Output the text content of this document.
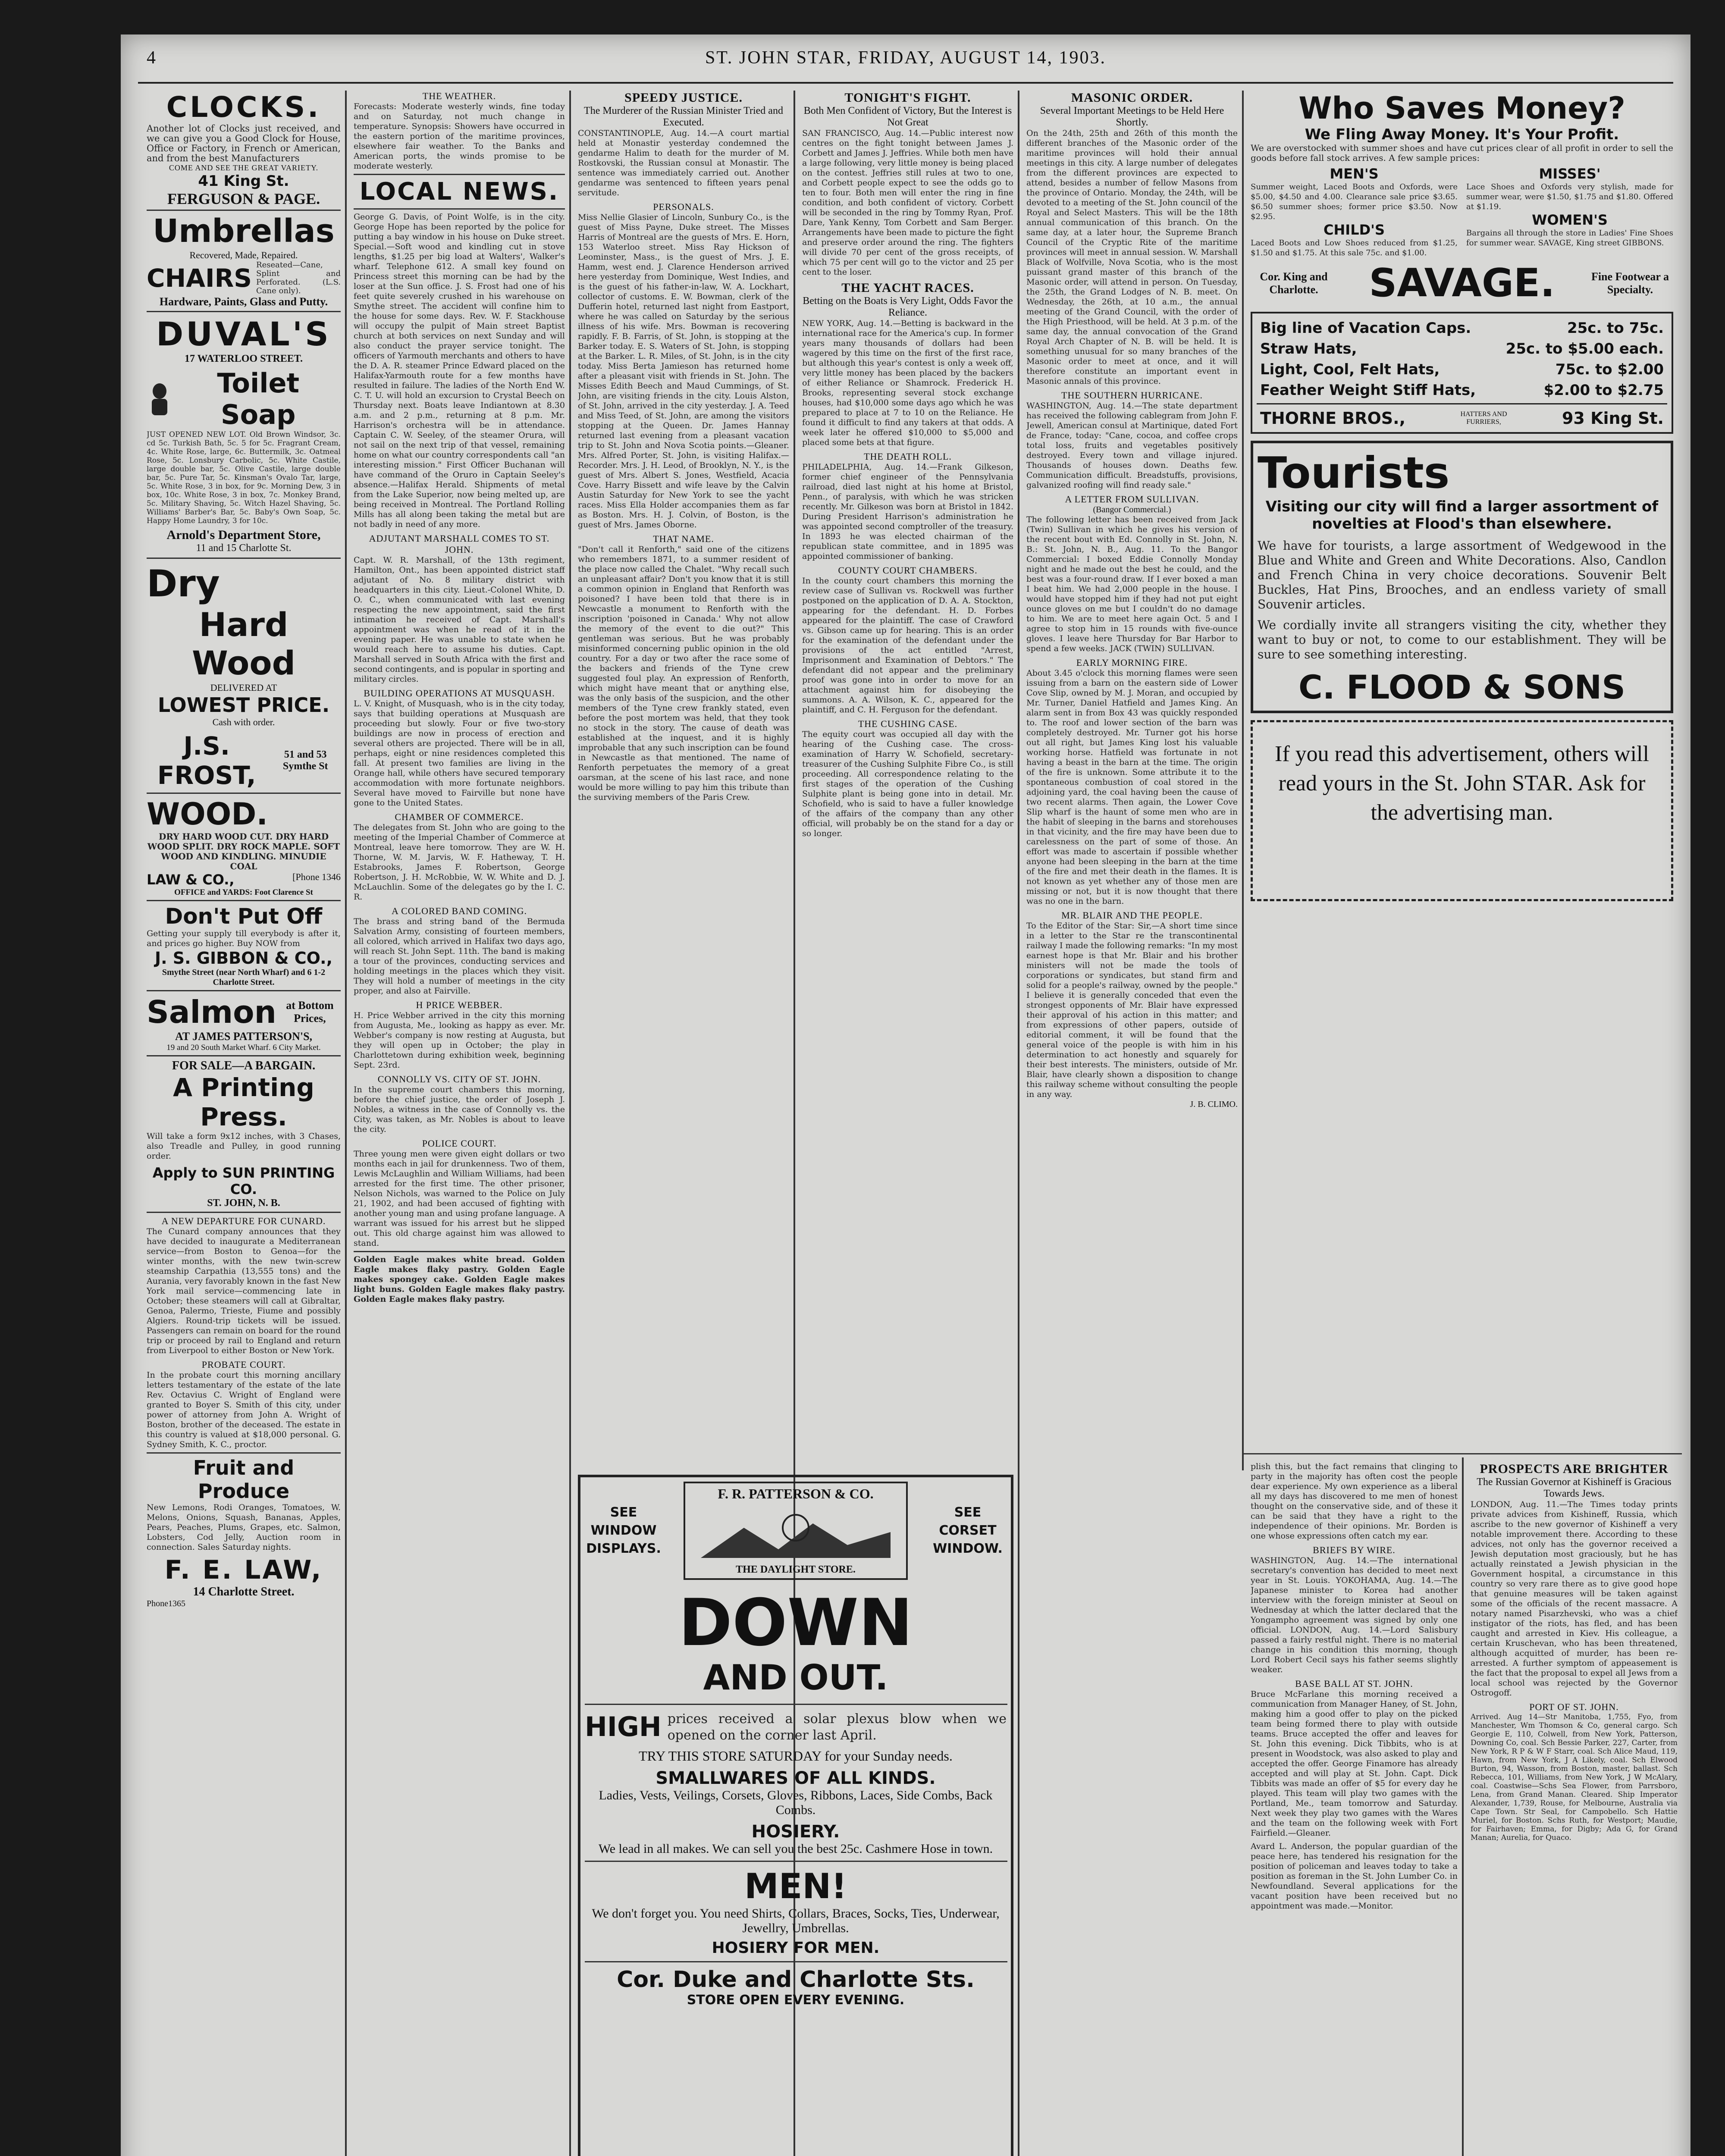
4	ST. JOHN STAR, FRIDAY, AUGUST 14, 1903.
CLOCKS.

Another lot of Clocks just received, and we can give you a Good Clock for House, Office or Factory, in French or American, and from the best Manufacturers

COME AND SEE THE GREAT VARIETY.
41 King St.
FERGUSON & PAGE.
Umbrellas
Recovered, Made, Repaired.
CHAIRS Reseated—Cane, Splint and Perforated. (L.S. Cane only).
Hardware, Paints, Glass and Putty.
DUVAL'S
17 WATERLOO STREET.
Toilet Soap

JUST OPENED NEW LOT. Old Brown Windsor, 3c. cd 5c. Turkish Bath, 5c. 5 for 5c. Fragrant Cream, 4c. White Rose, large, 6c. Buttermilk, 3c. Oatmeal Rose, 5c. Lonsbury Carbolic, 5c. White Castile, large double bar, 5c. Olive Castile, large double bar, 5c. Pure Tar, 5c. Kinsman's Ovalo Tar, large, 5c. White Rose, 3 in box, for 9c. Morning Dew, 3 in box, 10c. White Rose, 3 in box, 7c. Monkey Brand, 5c. Military Shaving, 5c. Witch Hazel Shaving, 5c. Williams' Barber's Bar, 5c. Baby's Own Soap, 5c. Happy Home Laundry, 3 for 10c.

Arnold's Department Store,
11 and 15 Charlotte St.
Dry
Hard Wood
DELIVERED AT
LOWEST PRICE.
Cash with order.
J.S. FROST,
51 and 53 Symthe St
WOOD.

DRY HARD WOOD CUT. DRY HARD WOOD SPLIT. DRY ROCK MAPLE. SOFT WOOD AND KINDLING. MINUDIE COAL

LAW & CO.,	[Phone 1346
OFFICE and YARDS: Foot Clarence St
Don't Put Off

Getting your supply till everybody is after it, and prices go higher. Buy NOW from

J. S. GIBBON & CO.,
Smythe Street (near North Wharf) and 6 1-2 Charlotte Street.
Salmon at Bottom Prices,
AT JAMES PATTERSON'S,
19 and 20 South Market Wharf. 6 City Market.
FOR SALE—A BARGAIN.
A Printing Press.

Will take a form 9x12 inches, with 3 Chases, also Treadle and Pulley, in good running order.

Apply to SUN PRINTING CO.
ST. JOHN, N. B.
A NEW DEPARTURE FOR CUNARD.

The Cunard company announces that they have decided to inaugurate a Mediterranean service—from Boston to Genoa—for the winter months, with the new twin-screw steamship Carpathia (13,555 tons) and the Aurania, very favorably known in the fast New York mail service—commencing late in October; these steamers will call at Gibraltar, Genoa, Palermo, Trieste, Fiume and possibly Algiers. Round-trip tickets will be issued. Passengers can remain on board for the round trip or proceed by rail to England and return from Liverpool to either Boston or New York.

PROBATE COURT.

In the probate court this morning ancillary letters testamentary of the estate of the late Rev. Octavius C. Wright of England were granted to Boyer S. Smith of this city, under power of attorney from John A. Wright of Boston, brother of the deceased. The estate in this country is valued at $18,000 personal. G. Sydney Smith, K. C., proctor.

Fruit and Produce

New Lemons, Rodi Oranges, Tomatoes, W. Melons, Onions, Squash, Bananas, Apples, Pears, Peaches, Plums, Grapes, etc. Salmon, Lobsters, Cod Jelly, Auction room in connection. Sales Saturday nights.

F. E. LAW,
14 Charlotte Street.
Phone1365
THE WEATHER.

Forecasts: Moderate westerly winds, fine today and on Saturday, not much change in temperature. Synopsis: Showers have occurred in the eastern portion of the maritime provinces, elsewhere fair weather. To the Banks and American ports, the winds promise to be moderate westerly.

LOCAL NEWS.

George G. Davis, of Point Wolfe, is in the city. George Hope has been reported by the police for putting a bay window in his house on Duke street. Special.—Soft wood and kindling cut in stove lengths, $1.25 per big load at Walters', Walker's wharf. Telephone 612. A small key found on Princess street this morning can be had by the loser at the Sun office. J. S. Frost had one of his feet quite severely crushed in his warehouse on Smythe street. The accident will confine him to the house for some days. Rev. W. F. Stackhouse will occupy the pulpit of Main street Baptist church at both services on next Sunday and will also conduct the prayer service tonight. The officers of Yarmouth merchants and others to have the D. A. R. steamer Prince Edward placed on the Halifax-Yarmouth route for a few months have resulted in failure. The ladies of the North End W. C. T. U. will hold an excursion to Crystal Beech on Thursday next. Boats leave Indiantown at 8.30 a.m. and 2 p.m., returning at 8 p.m. Mr. Harrison's orchestra will be in attendance. Captain C. W. Seeley, of the steamer Orura, will not sail on the next trip of that vessel, remaining home on what our country correspondents call "an interesting mission." First Officer Buchanan will have command of the Oruro in Captain Seeley's absence.—Halifax Herald. Shipments of metal from the Lake Superior, now being melted up, are being received in Montreal. The Portland Rolling Mills has all along been taking the metal but are not badly in need of any more.

ADJUTANT MARSHALL COMES TO ST. JOHN.

Capt. W. R. Marshall, of the 13th regiment, Hamilton, Ont., has been appointed district staff adjutant of No. 8 military district with headquarters in this city. Lieut.-Colonel White, D. O. C., when communicated with last evening respecting the new appointment, said the first intimation he received of Capt. Marshall's appointment was when he read of it in the evening paper. He was unable to state when he would reach here to assume his duties. Capt. Marshall served in South Africa with the first and second contingents, and is popular in sporting and military circles.

BUILDING OPERATIONS AT MUSQUASH.

L. V. Knight, of Musquash, who is in the city today, says that building operations at Musquash are proceeding but slowly. Four or five two-story buildings are now in process of erection and several others are projected. There will be in all, perhaps, eight or nine residences completed this fall. At present two families are living in the Orange hall, while others have secured temporary accommodation with more fortunate neighbors. Several have moved to Fairville but none have gone to the United States.

CHAMBER OF COMMERCE.

The delegates from St. John who are going to the meeting of the Imperial Chamber of Commerce at Montreal, leave here tomorrow. They are W. H. Thorne, W. M. Jarvis, W. F. Hatheway, T. H. Estabrooks, James F. Robertson, George Robertson, J. H. McRobbie, W. W. White and D. J. McLauchlin. Some of the delegates go by the I. C. R.

A COLORED BAND COMING.

The brass and string band of the Bermuda Salvation Army, consisting of fourteen members, all colored, which arrived in Halifax two days ago, will reach St. John Sept. 11th. The band is making a tour of the provinces, conducting services and holding meetings in the places which they visit. They will hold a number of meetings in the city proper, and also at Fairville.

H PRICE WEBBER.

H. Price Webber arrived in the city this morning from Augusta, Me., looking as happy as ever. Mr. Webber's company is now resting at Augusta, but they will open up in October; the play in Charlottetown during exhibition week, beginning Sept. 23rd.

CONNOLLY VS. CITY OF ST. JOHN.

In the supreme court chambers this morning, before the chief justice, the order of Joseph J. Nobles, a witness in the case of Connolly vs. the City, was taken, as Mr. Nobles is about to leave the city.

POLICE COURT.

Three young men were given eight dollars or two months each in jail for drunkenness. Two of them, Lewis McLaughlin and William Williams, had been arrested for the first time. The other prisoner, Nelson Nichols, was warned to the Police on July 21, 1902, and had been accused of fighting with another young man and using profane language. A warrant was issued for his arrest but he slipped out. This old charge against him was allowed to stand.

Golden Eagle makes white bread. Golden Eagle makes flaky pastry. Golden Eagle makes spongey cake. Golden Eagle makes light buns. Golden Eagle makes flaky pastry. Golden Eagle makes flaky pastry.

SPEEDY JUSTICE.
The Murderer of the Russian Minister Tried and Executed.

CONSTANTINOPLE, Aug. 14.—A court martial held at Monastir yesterday condemned the gendarme Halim to death for the murder of M. Rostkovski, the Russian consul at Monastir. The sentence was immediately carried out. Another gendarme was sentenced to fifteen years penal servitude.

PERSONALS.

Miss Nellie Glasier of Lincoln, Sunbury Co., is the guest of Miss Payne, Duke street. The Misses Harris of Montreal are the guests of Mrs. E. Horn, 153 Waterloo street. Miss Ray Hickson of Leominster, Mass., is the guest of Mrs. J. E. Hamm, west end. J. Clarence Henderson arrived here yesterday from Dominique, West Indies, and is the guest of his father-in-law, W. A. Lockhart, collector of customs. E. W. Bowman, clerk of the Dufferin hotel, returned last night from Eastport, where he was called on Saturday by the serious illness of his wife. Mrs. Bowman is recovering rapidly. F. B. Farris, of St. John, is stopping at the Barker today. E. S. Waters of St. John, is stopping at the Barker. L. R. Miles, of St. John, is in the city today. Miss Berta Jamieson has returned home after a pleasant visit with friends in St. John. The Misses Edith Beech and Maud Cummings, of St. John, are visiting friends in the city. Louis Alston, of St. John, arrived in the city yesterday. J. A. Teed and Miss Teed, of St. John, are among the visitors stopping at the Queen. Dr. James Hannay returned last evening from a pleasant vacation trip to St. John and Nova Scotia points.—Gleaner. Mrs. Alfred Porter, St. John, is visiting Halifax.—Recorder. Mrs. J. H. Leod, of Brooklyn, N. Y., is the guest of Mrs. Albert S. Jones, Westfield, Acacia Cove. Harry Bissett and wife leave by the Calvin Austin Saturday for New York to see the yacht races. Miss Ella Holder accompanies them as far as Boston. Mrs. H. J. Colvin, of Boston, is the guest of Mrs. James Oborne.

THAT NAME.

"Don't call it Renforth," said one of the citizens who remembers 1871, to a summer resident of the place now called the Chalet. "Why recall such an unpleasant affair? Don't you know that it is still a common opinion in England that Renforth was poisoned? I have been told that there is in Newcastle a monument to Renforth with the inscription 'poisoned in Canada.' Why not allow the memory of the event to die out?" This gentleman was serious. But he was probably misinformed concerning public opinion in the old country. For a day or two after the race some of the backers and friends of the Tyne crew suggested foul play. An expression of Renforth, which might have meant that or anything else, was the only basis of the suspicion, and the other members of the Tyne crew frankly stated, even before the post mortem was held, that they took no stock in the story. The cause of death was established at the inquest, and it is highly improbable that any such inscription can be found in Newcastle as that mentioned. The name of Renforth perpetuates the memory of a great oarsman, at the scene of his last race, and none would be more willing to pay him this tribute than the surviving members of the Paris Crew.

TONIGHT'S FIGHT.
Both Men Confident of Victory, But the Interest is Not Great

SAN FRANCISCO, Aug. 14.—Public interest now centres on the fight tonight between James J. Corbett and James J. Jeffries. While both men have a large following, very little money is being placed on the contest. Jeffries still rules at two to one, and Corbett people expect to see the odds go to ten to four. Both men will enter the ring in fine condition, and both confident of victory. Corbett will be seconded in the ring by Tommy Ryan, Prof. Dare, Yank Kenny, Tom Corbett and Sam Berger. Arrangements have been made to picture the fight and preserve order around the ring. The fighters will divide 70 per cent of the gross receipts, of which 75 per cent will go to the victor and 25 per cent to the loser.

THE YACHT RACES.
Betting on the Boats is Very Light, Odds Favor the Reliance.

NEW YORK, Aug. 14.—Betting is backward in the international race for the America's cup. In former years many thousands of dollars had been wagered by this time on the first of the first race, but although this year's contest is only a week off, very little money has been placed by the backers of either Reliance or Shamrock. Frederick H. Brooks, representing several stock exchange houses, had $10,000 some days ago which he was prepared to place at 7 to 10 on the Reliance. He found it difficult to find any takers at that odds. A week later he offered $10,000 to $5,000 and placed some bets at that figure.

THE DEATH ROLL.

PHILADELPHIA, Aug. 14.—Frank Gilkeson, former chief engineer of the Pennsylvania railroad, died last night at his home at Bristol, Penn., of paralysis, with which he was stricken recently. Mr. Gilkeson was born at Bristol in 1842. During President Harrison's administration he was appointed second comptroller of the treasury. In 1893 he was elected chairman of the republican state committee, and in 1895 was appointed commissioner of banking.

COUNTY COURT CHAMBERS.

In the county court chambers this morning the review case of Sullivan vs. Rockwell was further postponed on the application of D. A. A. Stockton, appearing for the defendant. H. D. Forbes appeared for the plaintiff. The case of Crawford vs. Gibson came up for hearing. This is an order for the examination of the defendant under the provisions of the act entitled "Arrest, Imprisonment and Examination of Debtors." The defendant did not appear and the preliminary proof was gone into in order to move for an attachment against him for disobeying the summons. A. A. Wilson, K. C., appeared for the plaintiff, and C. H. Ferguson for the defendant.

THE CUSHING CASE.

The equity court was occupied all day with the hearing of the Cushing case. The cross-examination of Harry W. Schofield, secretary-treasurer of the Cushing Sulphite Fibre Co., is still proceeding. All correspondence relating to the first stages of the operation of the Cushing Sulphite plant is being gone into in detail. Mr. Schofield, who is said to have a fuller knowledge of the affairs of the company than any other official, will probably be on the stand for a day or so longer.

MASONIC ORDER.
Several Important Meetings to be Held Here Shortly.

On the 24th, 25th and 26th of this month the different branches of the Masonic order of the maritime provinces will hold their annual meetings in this city. A large number of delegates from the different provinces are expected to attend, besides a number of fellow Masons from the province of Ontario. Monday, the 24th, will be devoted to a meeting of the St. John council of the Royal and Select Masters. This will be the 18th annual communication of this branch. On the same day, at a later hour, the Supreme Branch Council of the Cryptic Rite of the maritime provinces will meet in annual session. W. Marshall Black of Wolfville, Nova Scotia, who is the most puissant grand master of this branch of the Masonic order, will attend in person. On Tuesday, the 25th, the Grand Lodges of N. B. meet. On Wednesday, the 26th, at 10 a.m., the annual meeting of the Grand Council, with the order of the High Priesthood, will be held. At 3 p.m. of the same day, the annual convocation of the Grand Royal Arch Chapter of N. B. will be held. It is something unusual for so many branches of the Masonic order to meet at once, and it will therefore constitute an important event in Masonic annals of this province.

THE SOUTHERN HURRICANE.

WASHINGTON, Aug. 14.—The state department has received the following cablegram from John F. Jewell, American consul at Martinique, dated Fort de France, today: "Cane, cocoa, and coffee crops total loss, fruits and vegetables positively destroyed. Every town and village injured. Thousands of houses down. Deaths few. Communication difficult. Breadstuffs, provisions, galvanized roofing will find ready sale."

A LETTER FROM SULLIVAN.
(Bangor Commercial.)

The following letter has been received from Jack (Twin) Sullivan in which he gives his version of the recent bout with Ed. Connolly in St. John, N. B.: St. John, N. B., Aug. 11. To the Bangor Commercial: I boxed Eddie Connolly Monday night and he made out the best he could, and the best was a four-round draw. If I ever boxed a man I beat him. We had 2,000 people in the house. I would have stopped him if they had not put eight ounce gloves on me but I couldn't do no damage to him. We are to meet here again Oct. 5 and I agree to stop him in 15 rounds with five-ounce gloves. I leave here Thursday for Bar Harbor to spend a few weeks. JACK (TWIN) SULLIVAN.

EARLY MORNING FIRE.

About 3.45 o'clock this morning flames were seen issuing from a barn on the eastern side of Lower Cove Slip, owned by M. J. Moran, and occupied by Mr. Turner, Daniel Hatfield and James King. An alarm sent in from Box 43 was quickly responded to. The roof and lower section of the barn was completely destroyed. Mr. Turner got his horse out all right, but James King lost his valuable working horse. Hatfield was fortunate in not having a beast in the barn at the time. The origin of the fire is unknown. Some attribute it to the spontaneous combustion of coal stored in the adjoining yard, the coal having been the cause of two recent alarms. Then again, the Lower Cove Slip wharf is the haunt of some men who are in the habit of sleeping in the barns and storehouses in that vicinity, and the fire may have been due to carelessness on the part of some of those. An effort was made to ascertain if possible whether anyone had been sleeping in the barn at the time of the fire and met their death in the flames. It is not known as yet whether any of those men are missing or not, but it is now thought that there was no one in the barn.

MR. BLAIR AND THE PEOPLE.

To the Editor of the Star: Sir,—A short time since in a letter to the Star re the transcontinental railway I made the following remarks: "In my most earnest hope is that Mr. Blair and his brother ministers will not be made the tools of corporations or syndicates, but stand firm and solid for a people's railway, owned by the people." I believe it is generally conceded that even the strongest opponents of Mr. Blair have expressed their approval of his action in this matter; and from expressions of other papers, outside of editorial comment, it will be found that the general voice of the people is with him in his determination to act honestly and squarely for their best interests. The ministers, outside of Mr. Blair, have clearly shown a disposition to change this railway scheme without consulting the people in any way.

J. B. CLIMO.
Who Saves Money?
We Fling Away Money. It's Your Profit.

We are overstocked with summer shoes and have cut prices clear of all profit in order to sell the goods before fall stock arrives. A few sample prices:

MEN'S

Summer weight, Laced Boots and Oxfords, were $5.00, $4.50 and 4.00. Clearance sale price $3.65. $6.50 summer shoes; former price $3.50. Now $2.95.

CHILD'S

Laced Boots and Low Shoes reduced from $1.25, $1.50 and $1.75. At this sale 75c. and $1.00.

MISSES'

Lace Shoes and Oxfords very stylish, made for summer wear, were $1.50, $1.75 and $1.80. Offered at $1.19.

WOMEN'S

Bargains all through the store in Ladies' Fine Shoes for summer wear. SAVAGE, King street GIBBONS.

Cor. King and Charlotte.	SAVAGE.	Fine Footwear a Specialty.
Big line of Vacation Caps.	25c. to 75c.
Straw Hats,	25c. to $5.00 each.
Light, Cool, Felt Hats,	75c. to $2.00
Feather Weight Stiff Hats,	$2.00 to $2.75
THORNE BROS.,	HATTERS AND FURRIERS,	93 King St.
Tourists
Visiting our city will find a larger assortment of novelties at Flood's than elsewhere.

We have for tourists, a large assortment of Wedgewood in the Blue and White and Green and White Decorations. Also, Candlon and French China in very choice decorations. Souvenir Belt Buckles, Hat Pins, Brooches, and an endless variety of small Souvenir articles.

We cordially invite all strangers visiting the city, whether they want to buy or not, to come to our establishment. They will be sure to see something interesting.

C. FLOOD & SONS

If you read this advertisement, others will read yours in the St. John STAR. Ask for the advertising man.

SEE WINDOW DISPLAYS.
F. R. PATTERSON & CO.
THE DAYLIGHT STORE.
SEE CORSET WINDOW.
DOWN
AND OUT.
HIGH prices received a solar plexus blow when we opened on the corner last April.
TRY THIS STORE SATURDAY for your Sunday needs.
SMALLWARES OF ALL KINDS.
Ladies, Vests, Veilings, Corsets, Gloves, Ribbons, Laces, Side Combs, Back Combs.
HOSIERY.
We lead in all makes. We can sell you the best 25c. Cashmere Hose in town.
MEN!
We don't forget you. You need Shirts, Collars, Braces, Socks, Ties, Underwear, Jewellry, Umbrellas.
HOSIERY FOR MEN.
Cor. Duke and Charlotte Sts.
STORE OPEN EVERY EVENING.

plish this, but the fact remains that clinging to party in the majority has often cost the people dear experience. My own experience as a liberal all my days has discovered to me men of honest thought on the conservative side, and of these it can be said that they have a right to the independence of their opinions. Mr. Borden is one whose expressions often catch my ear.

BRIEFS BY WIRE.

WASHINGTON, Aug. 14.—The international secretary's convention has decided to meet next year in St. Louis. YOKOHAMA, Aug. 14.—The Japanese minister to Korea had another interview with the foreign minister at Seoul on Wednesday at which the latter declared that the Yongampho agreement was signed by only one official. LONDON, Aug. 14.—Lord Salisbury passed a fairly restful night. There is no material change in his condition this morning, though Lord Robert Cecil says his father seems slightly weaker.

BASE BALL AT ST. JOHN.

Bruce McFarlane this morning received a communication from Manager Haney, of St. John, making him a good offer to play on the picked team being formed there to play with outside teams. Bruce accepted the offer and leaves for St. John this evening. Dick Tibbits, who is at present in Woodstock, was also asked to play and accepted the offer. George Finamore has already accepted and will play at St. John. Capt. Dick Tibbits was made an offer of $5 for every day he played. This team will play two games with the Portland, Me., team tomorrow and Saturday. Next week they play two games with the Wares and the team on the following week with Fort Fairfield.—Gleaner.

Avard L. Anderson, the popular guardian of the peace here, has tendered his resignation for the position of policeman and leaves today to take a position as foreman in the St. John Lumber Co. in Newfoundland. Several applications for the vacant position have been received but no appointment was made.—Monitor.

PROSPECTS ARE BRIGHTER
The Russian Governor at Kishineff is Gracious Towards Jews.

LONDON, Aug. 11.—The Times today prints private advices from Kishineff, Russia, which ascribe to the new governor of Kishineff a very notable improvement there. According to these advices, not only has the governor received a Jewish deputation most graciously, but he has actually reinstated a Jewish physician in the Government hospital, a circumstance in this country so very rare there as to give good hope that genuine measures will be taken against some of the officials of the recent massacre. A notary named Pisarzhevski, who was a chief instigator of the riots, has fled, and has been caught and arrested in Kiev. His colleague, a certain Kruschevan, who has been threatened, although acquitted of murder, has been re-arrested. A further symptom of appeasement is the fact that the proposal to expel all Jews from a local school was rejected by the Governor Ostrogoff.

PORT OF ST. JOHN.

Arrived. Aug 14—Str Manitoba, 1,755, Fyo, from Manchester, Wm Thomson & Co, general cargo. Sch Georgie E, 110, Colwell, from New York, Patterson, Downing Co, coal. Sch Bessie Parker, 227, Carter, from New York, R P & W F Starr, coal. Sch Alice Maud, 119, Hawn, from New York, J A Likely, coal. Sch Elwood Burton, 94, Wasson, from Boston, master, ballast. Sch Rebecca, 101, Williams, from New York, J W McAlary, coal. Coastwise—Schs Sea Flower, from Parrsboro, Lena, from Grand Manan. Cleared. Ship Imperator Alexander, 1,739, Rouse, for Melbourne, Australia via Cape Town. Str Seal, for Campobello. Sch Hattie Muriel, for Boston. Schs Ruth, for Westport; Maudie, for Fairhaven; Emma, for Digby; Ada G, for Grand Manan; Aurelia, for Quaco.
